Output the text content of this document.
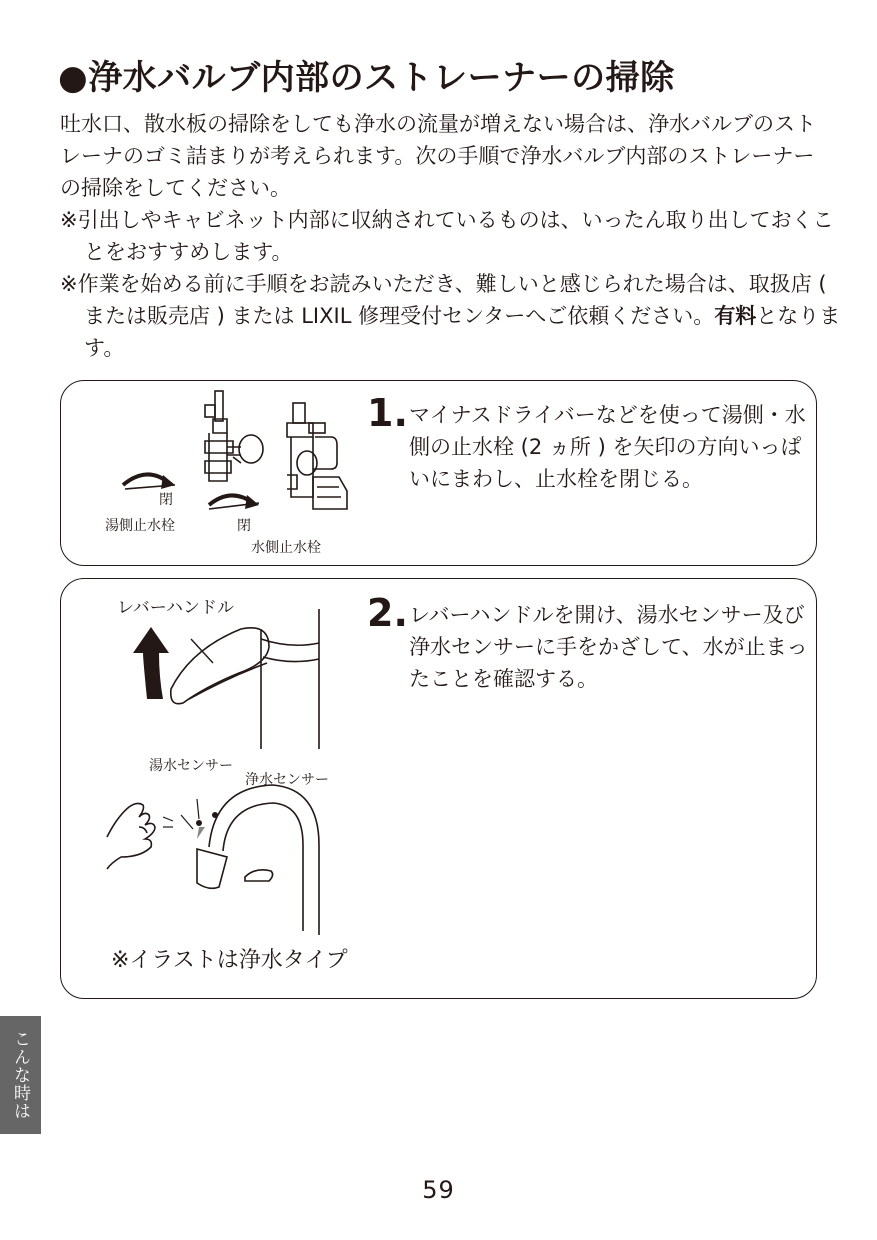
●浄水バルブ内部のストレーナーの掃除

吐水口、散水板の掃除をしても浄水の流量が増えない場合は、浄水バルブのストレーナのゴミ詰まりが考えられます。次の手順で浄水バルブ内部のストレーナーの掃除をしてください。

※引出しやキャビネット内部に収納されているものは、いったん取り出しておくことをおすすめします。

※作業を始める前に手順をお読みいただき、難しいと感じられた場合は、取扱店 ( または販売店 ) または LIXIL 修理受付センターへご依頼ください。有料となります。

閉
湯側止水栓	閉
水側止水栓
1. マイナスドライバーなどを使って湯側・水側の止水栓 (2 ヵ所 ) を矢印の方向いっぱいにまわし、止水栓を閉じる。
レバーハンドル
湯水センサー
浄水センサー
※イラストは浄水タイプ
2. レバーハンドルを開け、湯水センサー及び浄水センサーに手をかざして、水が止まったことを確認する。
こんな時は
59
